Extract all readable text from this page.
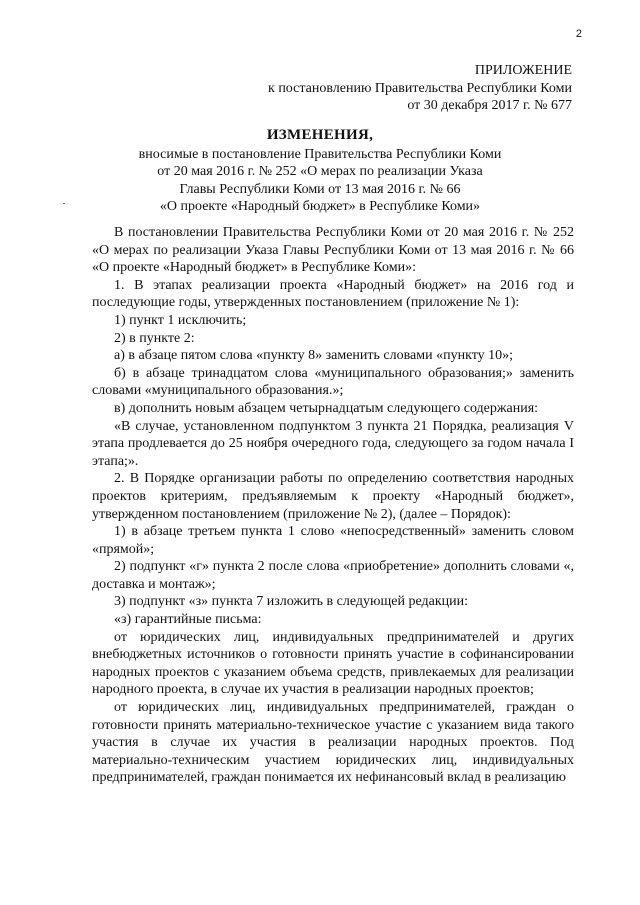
2
ПРИЛОЖЕНИЕ
к постановлению Правительства Республики Коми
от 30 декабря 2017 г. № 677
ИЗМЕНЕНИЯ,
вносимые в постановление Правительства Республики Коми
от 20 мая 2016 г. № 252 «О мерах по реализации Указа
Главы Республики Коми от 13 мая 2016 г. № 66
«О проекте «Народный бюджет» в Республике Коми»

В постановлении Правительства Республики Коми от 20 мая 2016 г. № 252 «О мерах по реализации Указа Главы Республики Коми от 13 мая 2016 г. № 66 «О проекте «Народный бюджет» в Республике Коми»:

1. В этапах реализации проекта «Народный бюджет» на 2016 год и последующие годы, утвержденных постановлением (приложение № 1):

1) пункт 1 исключить;

2) в пункте 2:

а) в абзаце пятом слова «пункту 8» заменить словами «пункту 10»;

б) в абзаце тринадцатом слова «муниципального образования;» заменить словами «муниципального образования.»;

в) дополнить новым абзацем четырнадцатым следующего содержания:

«В случае, установленном подпунктом 3 пункта 21 Порядка, реализация V этапа продлевается до 25 ноября очередного года, следующего за годом начала I этапа;».

2. В Порядке организации работы по определению соответствия народных проектов критериям, предъявляемым к проекту «Народный бюджет», утвержденном постановлением (приложение № 2), (далее – Порядок):

1) в абзаце третьем пункта 1 слово «непосредственный» заменить словом «прямой»;

2) подпункт «г» пункта 2 после слова «приобретение» дополнить словами «, доставка и монтаж»;

3) подпункт «з» пункта 7 изложить в следующей редакции:

«з) гарантийные письма:

от юридических лиц, индивидуальных предпринимателей и других внебюджетных источников о готовности принять участие в софинансировании народных проектов с указанием объема средств, привлекаемых для реализации народного проекта, в случае их участия в реализации народных проектов;

от юридических лиц, индивидуальных предпринимателей, граждан о готовности принять материально-техническое участие с указанием вида такого участия в случае их участия в реализации народных проектов. Под материально-техническим участием юридических лиц, индивидуальных предпринимателей, граждан понимается их нефинансовый вклад в реализацию
